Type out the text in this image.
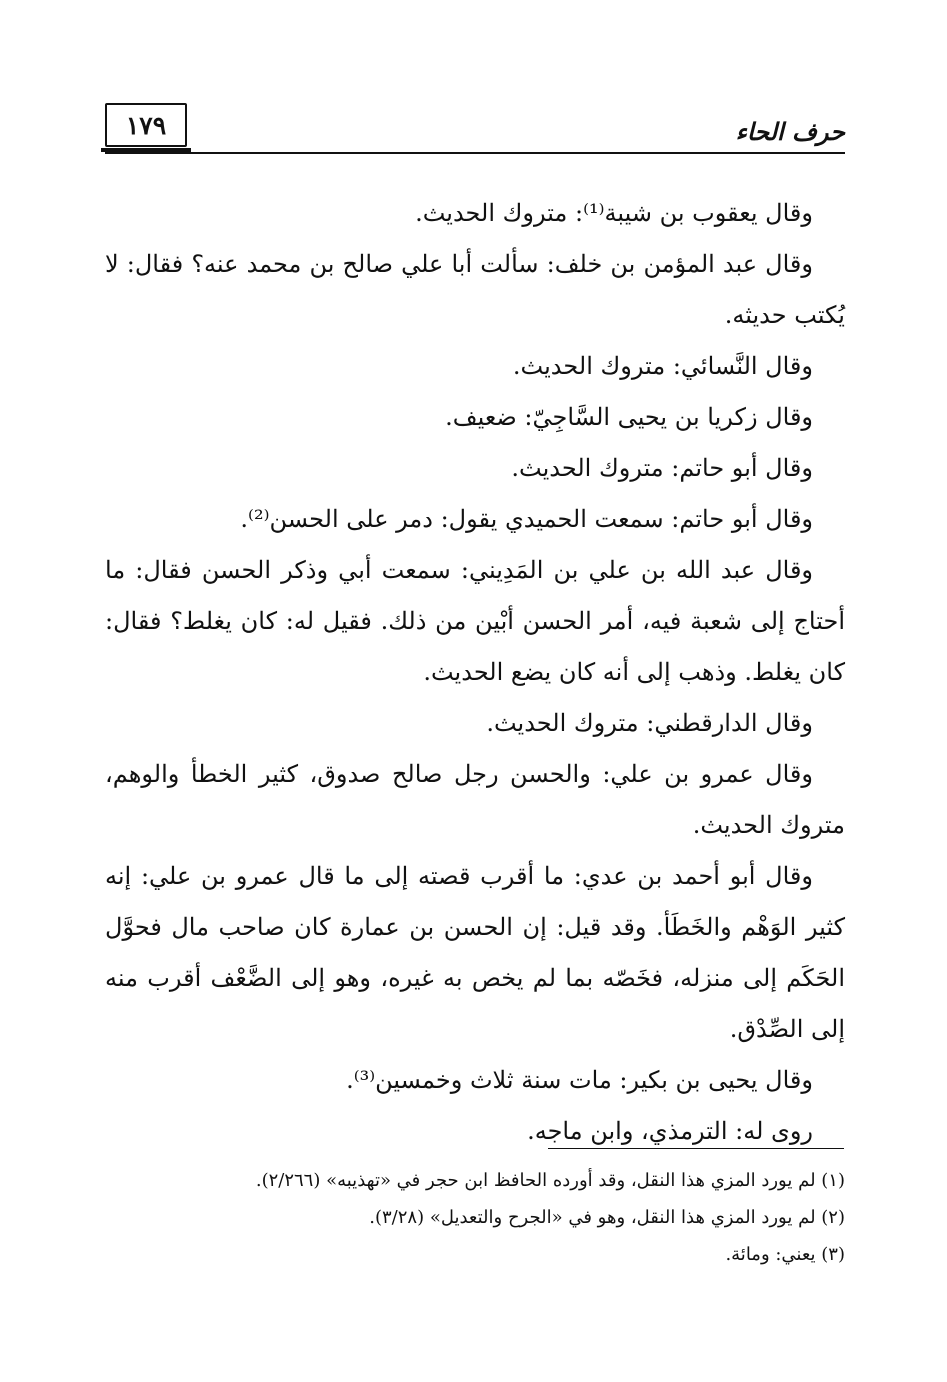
١٧٩	حرف الحاء

وقال يعقوب بن شيبة⁽¹⁾: متروك الحديث.

وقال عبد المؤمن بن خلف: سألت أبا علي صالح بن محمد عنه؟ فقال: لا يُكتب حديثه.

وقال النَّسائي: متروك الحديث.

وقال زكريا بن يحيى السَّاجِيّ: ضعيف.

وقال أبو حاتم: متروك الحديث.

وقال أبو حاتم: سمعت الحميدي يقول: دمر على الحسن⁽²⁾.

وقال عبد الله بن علي بن المَدِيني: سمعت أبي وذكر الحسن فقال: ما أحتاج إلى شعبة فيه، أمر الحسن أبْين من ذلك. فقيل له: كان يغلط؟ فقال: كان يغلط. وذهب إلى أنه كان يضع الحديث.

وقال الدارقطني: متروك الحديث.

وقال عمرو بن علي: والحسن رجل صالح صدوق، كثير الخطأ والوهم، متروك الحديث.

وقال أبو أحمد بن عدي: ما أقرب قصته إلى ما قال عمرو بن علي: إنه كثير الوَهْم والخَطَأ. وقد قيل: إن الحسن بن عمارة كان صاحب مال فحوَّل الحَكَم إلى منزله، فخَصّه بما لم يخص به غيره، وهو إلى الضَّعْف أقرب منه إلى الصِّدْق.

وقال يحيى بن بكير: مات سنة ثلاث وخمسين⁽³⁾.

روى له: الترمذي، وابن ماجه.

(١) لم يورد المزي هذا النقل، وقد أورده الحافظ ابن حجر في «تهذيبه» (٢/٢٦٦).

(٢) لم يورد المزي هذا النقل، وهو في «الجرح والتعديل» (٣/٢٨).

(٣) يعني: ومائة.
